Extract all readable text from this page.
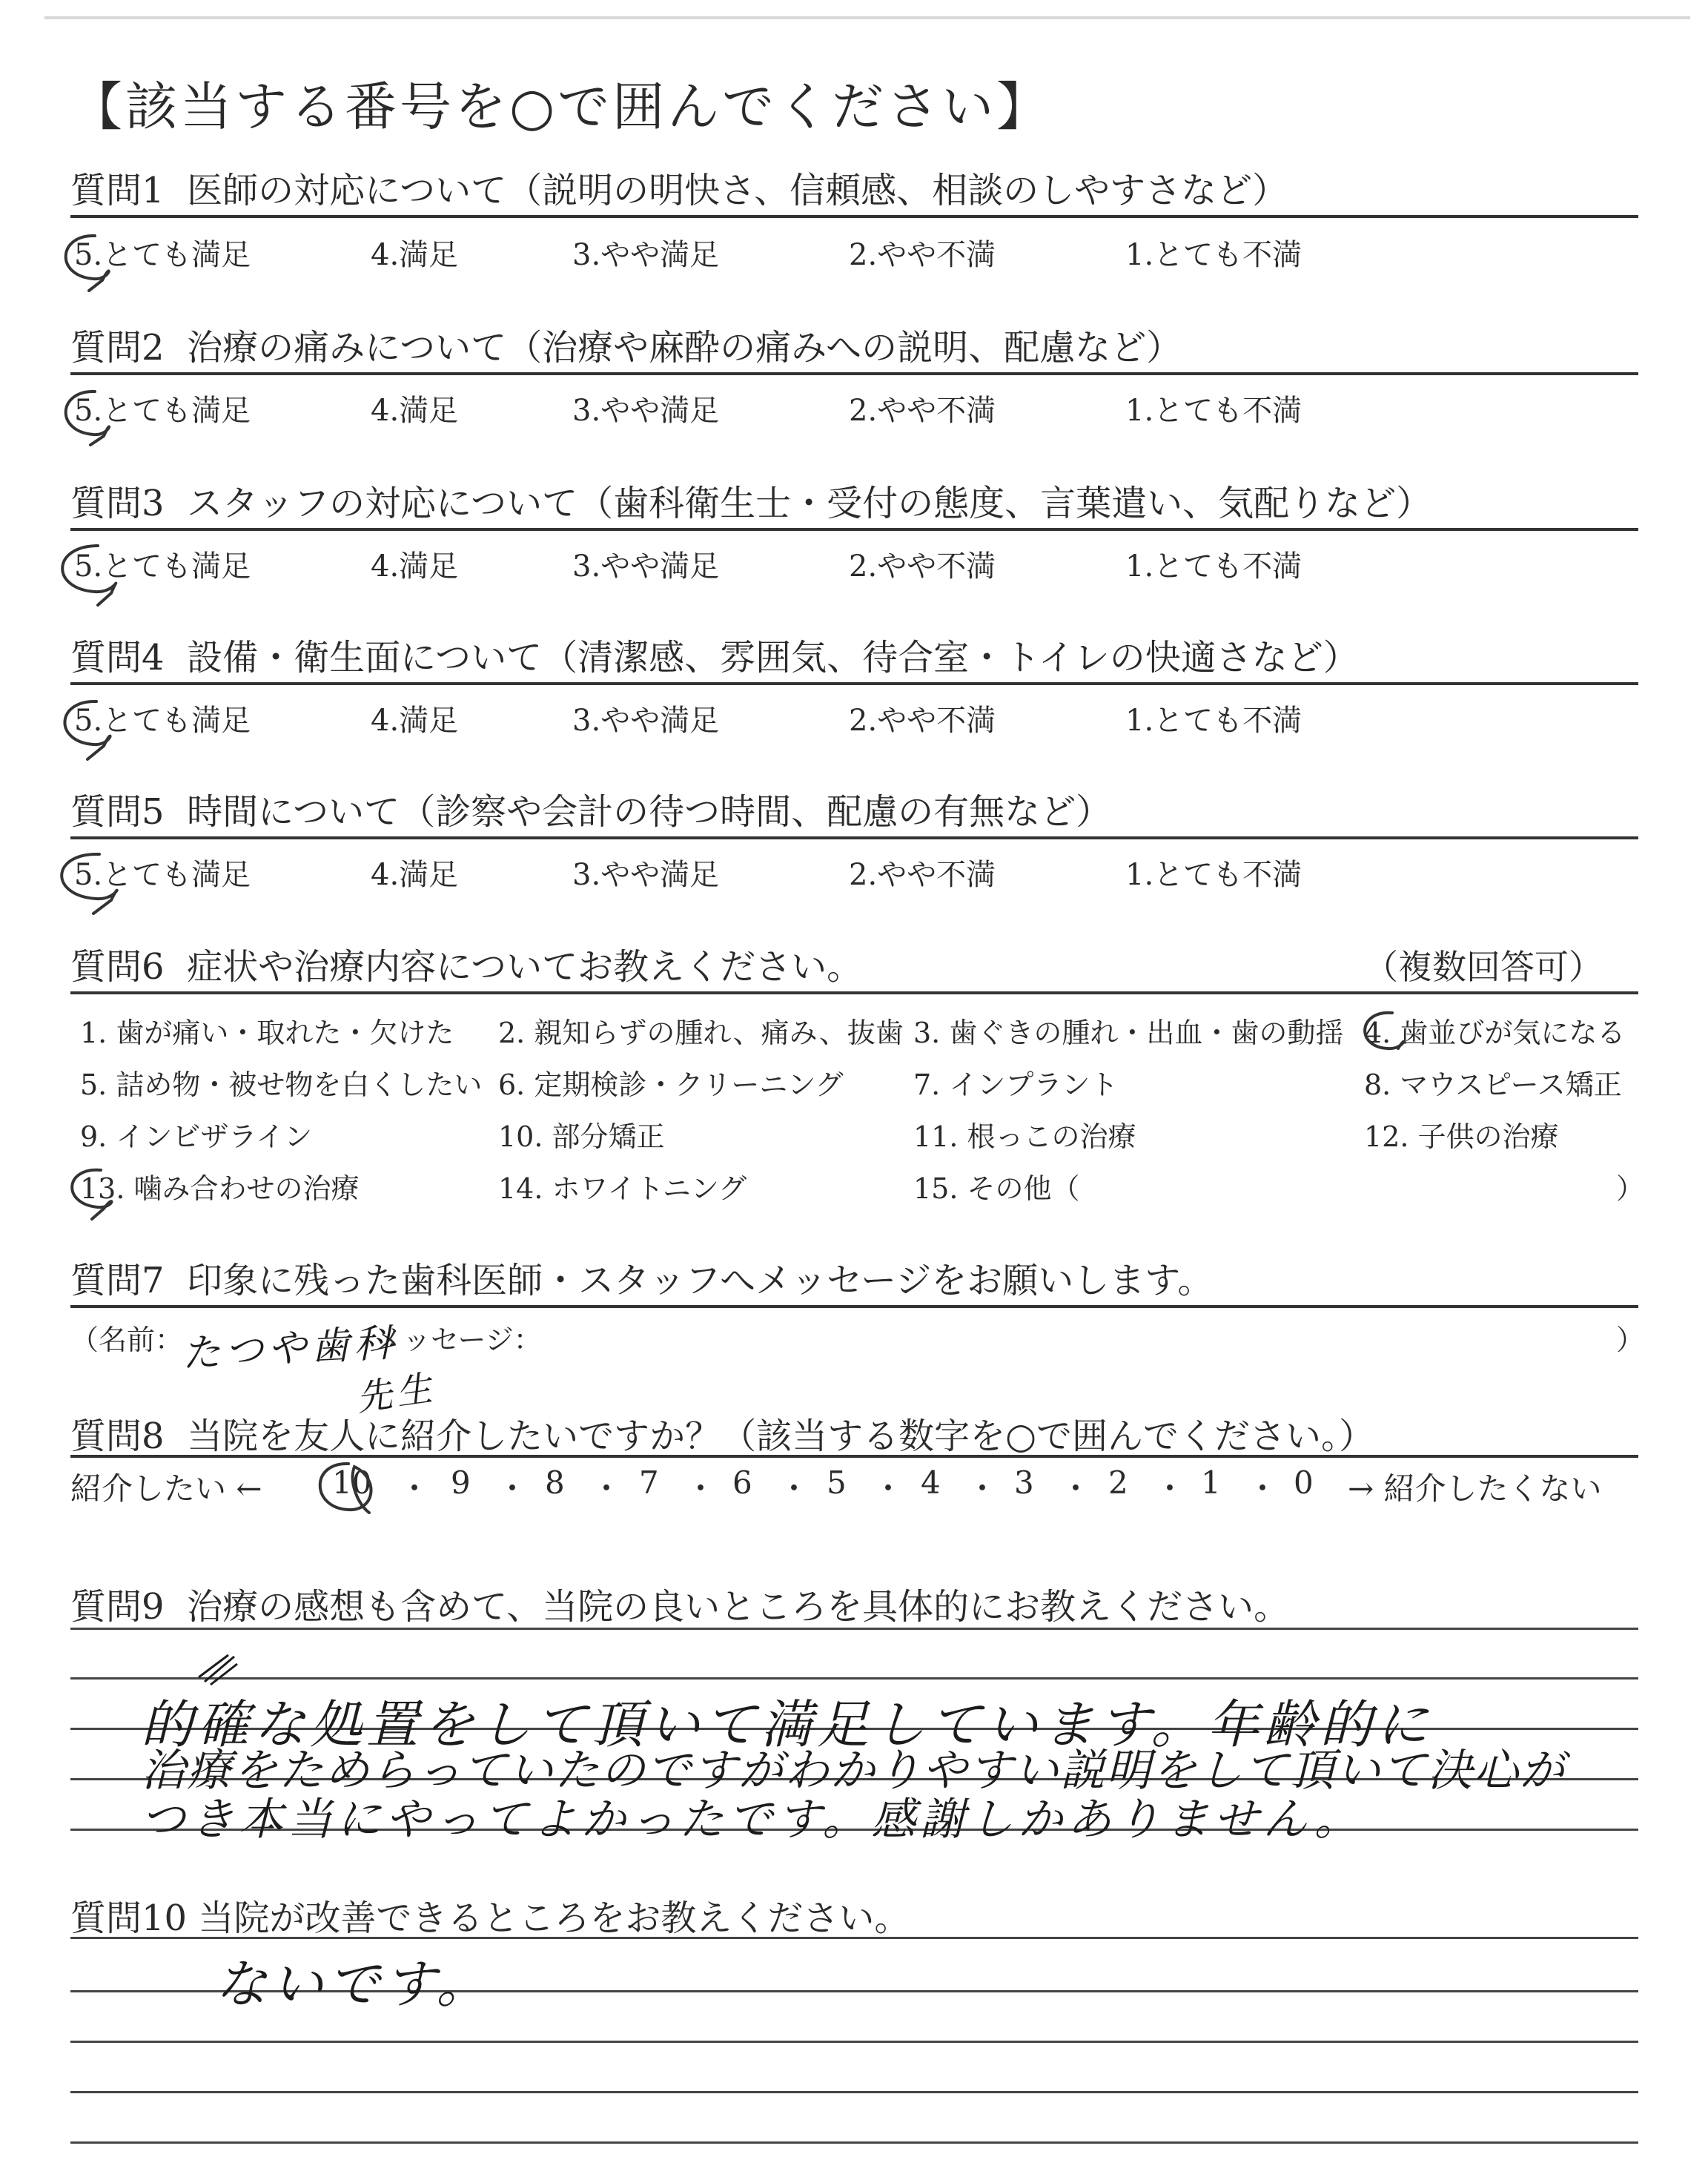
【該当する番号を○で囲んでください】
質問1 医師の対応について（説明の明快さ、信頼感、相談のしやすさなど）
5.とても満足	4.満足	3.やや満足	2.やや不満	1.とても不満
質問2 治療の痛みについて（治療や麻酔の痛みへの説明、配慮など）
5.とても満足	4.満足	3.やや満足	2.やや不満	1.とても不満
質問3 スタッフの対応について（歯科衛生士・受付の態度、言葉遣い、気配りなど）
5.とても満足	4.満足	3.やや満足	2.やや不満	1.とても不満
質問4 設備・衛生面について（清潔感、雰囲気、待合室・トイレの快適さなど）
5.とても満足	4.満足	3.やや満足	2.やや不満	1.とても不満
質問5 時間について（診察や会計の待つ時間、配慮の有無など）
5.とても満足	4.満足	3.やや満足	2.やや不満	1.とても不満
質問6 症状や治療内容についてお教えください。	（複数回答可）
1. 歯が痛い・取れた・欠けた 2. 親知らずの腫れ、痛み、抜歯 3. 歯ぐきの腫れ・出血・歯の動揺 4. 歯並びが気になる
5. 詰め物・被せ物を白くしたい 6. 定期検診・クリーニング 7. インプラント	8. マウスピース矯正
9. インビザライン	10. 部分矯正	11. 根っこの治療	12. 子供の治療
13. 噛み合わせの治療	14. ホワイトニング	15. その他（	）
質問7 印象に残った歯科医師・スタッフへメッセージをお願いします。
（名前：	メッセージ：	）
たつや歯科
先生
質問8 当院を友人に紹介したいですか？（該当する数字を○で囲んでください。）
紹介したい ← 10 ・ 9 ・ 8 ・ 7 ・ 6 ・ 5 ・ 4 ・ 3 ・ 2 ・ 1 ・ 0 → 紹介したくない
質問9 治療の感想も含めて、当院の良いところを具体的にお教えください。
的確な処置をして頂いて満足しています。年齢的に
治療をためらっていたのですがわかりやすい説明をして頂いて決心が
つき本当にやってよかったです。感謝しかありません。
質問10 当院が改善できるところをお教えください。
ないです。
